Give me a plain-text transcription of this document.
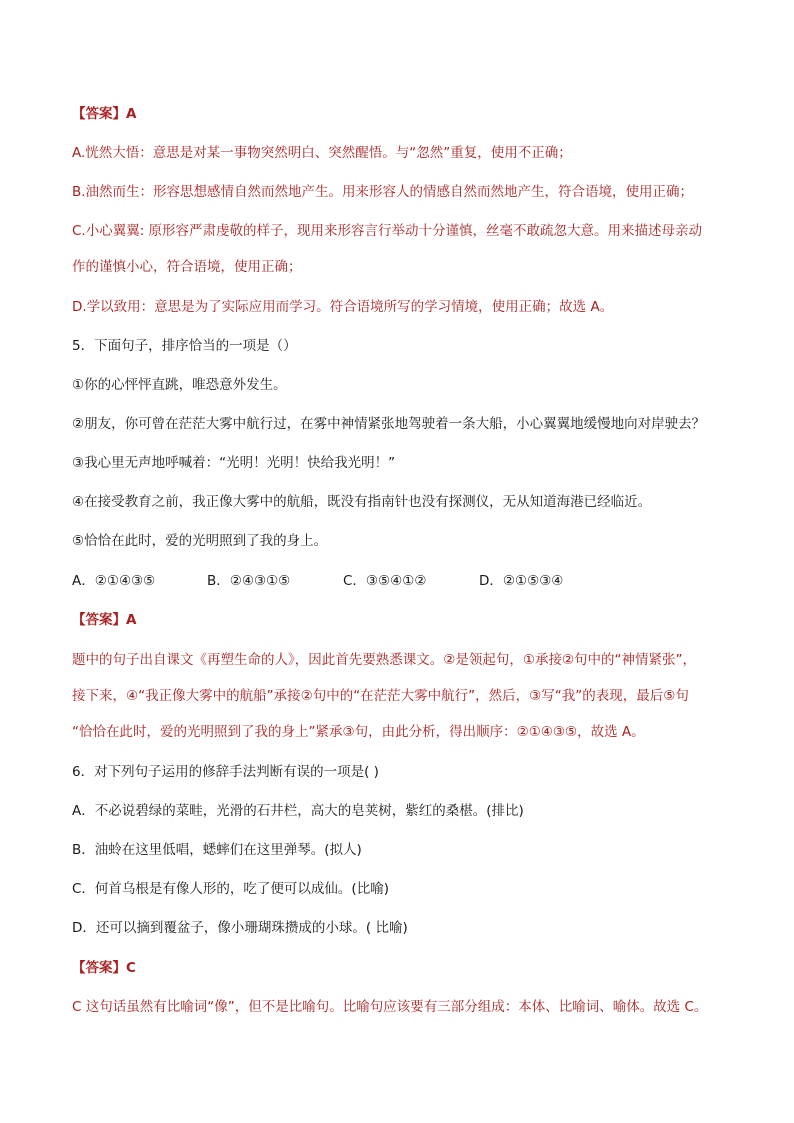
【答案】A

A.恍然大悟：意思是对某一事物突然明白、突然醒悟。与“忽然”重复，使用不正确；

B.油然而生：形容思想感情自然而然地产生。用来形容人的情感自然而然地产生，符合语境，使用正确；

C.小心翼翼: 原形容严肃虔敬的样子，现用来形容言行举动十分谨慎，丝毫不敢疏忽大意。用来描述母亲动

作的谨慎小心，符合语境，使用正确；

D.学以致用：意思是为了实际应用而学习。符合语境所写的学习情境，使用正确；故选 A。

5．下面句子，排序恰当的一项是（）

①你的心怦怦直跳，唯恐意外发生。

②朋友，你可曾在茫茫大雾中航行过，在雾中神情紧张地驾驶着一条大船，小心翼翼地缓慢地向对岸驶去？

③我心里无声地呼喊着：“光明！光明！快给我光明！”

④在接受教育之前，我正像大雾中的航船，既没有指南针也没有探测仪，无从知道海港已经临近。

⑤恰恰在此时，爱的光明照到了我的身上。

A．②①④③⑤	B．②④③①⑤	C．③⑤④①②	D．②①⑤③④

【答案】A

题中的句子出自课文《再塑生命的人》，因此首先要熟悉课文。②是领起句，①承接②句中的“神情紧张”，

接下来，④“我正像大雾中的航船”承接②句中的“在茫茫大雾中航行”，然后，③写“我”的表现，最后⑤句

“恰恰在此时，爱的光明照到了我的身上”紧承③句，由此分析，得出顺序：②①④③⑤，故选 A。

6．对下列句子运用的修辞手法判断有误的一项是( )

A．不必说碧绿的菜畦，光滑的石井栏，高大的皂荚树，紫红的桑椹。(排比)

B．油蛉在这里低唱，蟋蟀们在这里弹琴。(拟人)

C．何首乌根是有像人形的，吃了便可以成仙。(比喻)

D．还可以摘到覆盆子，像小珊瑚珠攒成的小球。( 比喻)

【答案】C

C 这句话虽然有比喻词“像”，但不是比喻句。比喻句应该要有三部分组成：本体、比喻词、喻体。故选 C。
